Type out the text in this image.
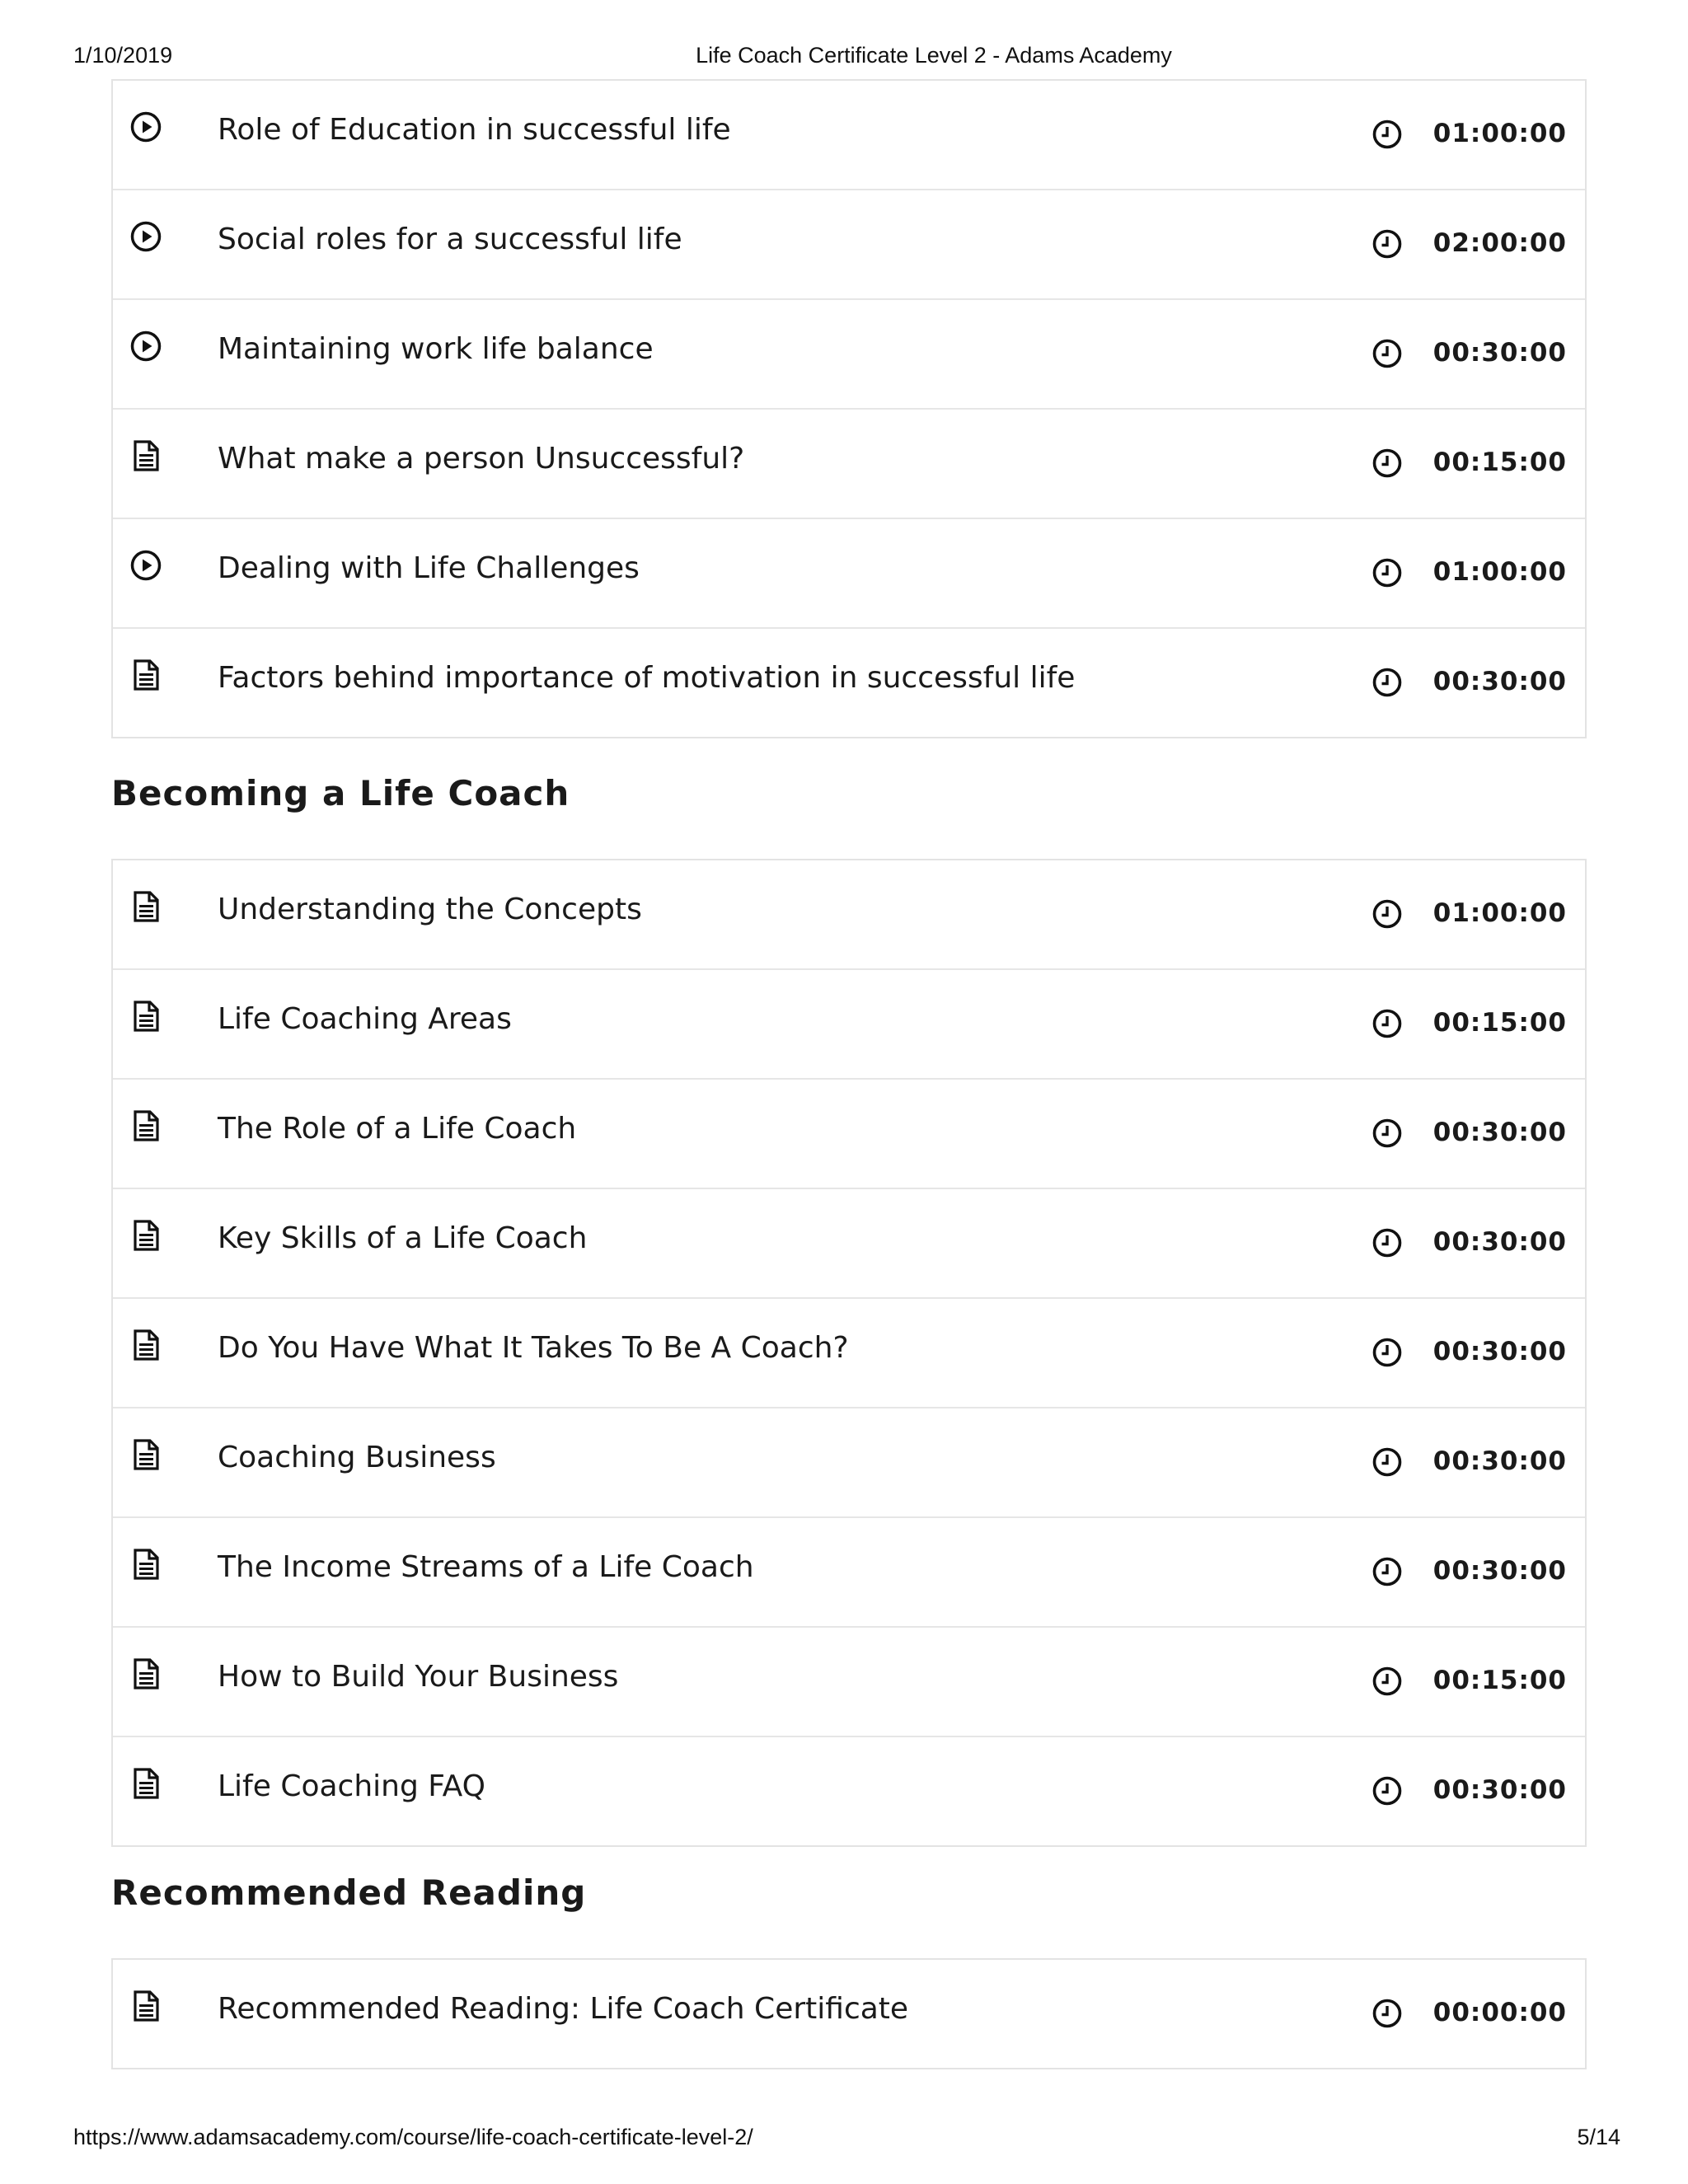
1/10/2019	Life Coach Certificate Level 2 - Adams Academy
Role of Education in successful life	01:00:00
Social roles for a successful life	02:00:00
Maintaining work life balance	00:30:00
What make a person Unsuccessful?	00:15:00
Dealing with Life Challenges	01:00:00
Factors behind importance of motivation in successful life	00:30:00
Becoming a Life Coach
Understanding the Concepts	01:00:00
Life Coaching Areas	00:15:00
The Role of a Life Coach	00:30:00
Key Skills of a Life Coach	00:30:00
Do You Have What It Takes To Be A Coach?	00:30:00
Coaching Business	00:30:00
The Income Streams of a Life Coach	00:30:00
How to Build Your Business	00:15:00
Life Coaching FAQ	00:30:00
Recommended Reading
Recommended Reading: Life Coach Certificate	00:00:00
https://www.adamsacademy.com/course/life-coach-certificate-level-2/	5/14
